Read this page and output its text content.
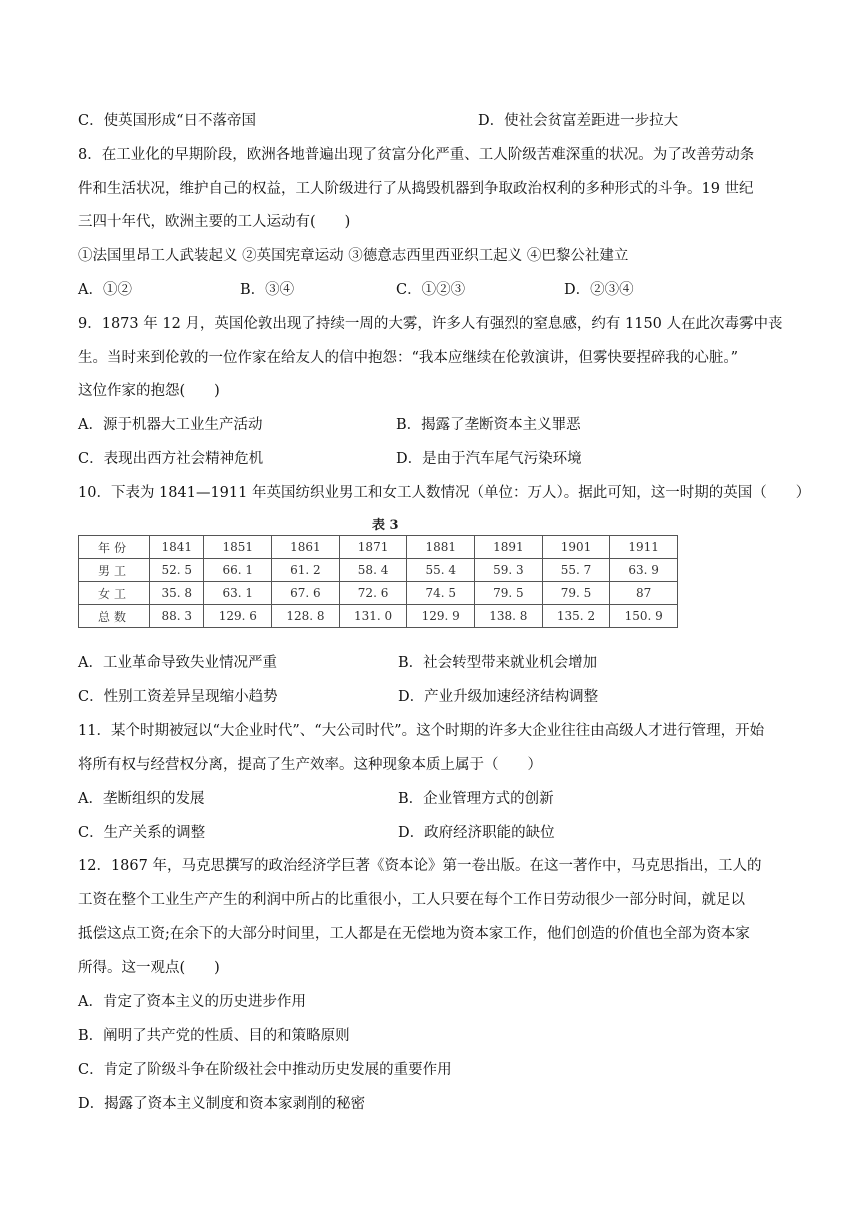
C．使英国形成“日不落帝国	D．使社会贫富差距进一步拉大
8．在工业化的早期阶段，欧洲各地普遍出现了贫富分化严重、工人阶级苦难深重的状况。为了改善劳动条
件和生活状况，维护自己的权益，工人阶级进行了从捣毁机器到争取政治权利的多种形式的斗争。19 世纪
三四十年代，欧洲主要的工人运动有(　　)
①法国里昂工人武装起义 ②英国宪章运动 ③德意志西里西亚织工起义 ④巴黎公社建立
A．①②	B．③④	C．①②③	D．②③④
9．1873 年 12 月，英国伦敦出现了持续一周的大雾，许多人有强烈的窒息感，约有 1150 人在此次毒雾中丧
生。当时来到伦敦的一位作家在给友人的信中抱怨：“我本应继续在伦敦演讲，但雾快要捏碎我的心脏。”
这位作家的抱怨(　　)
A．源于机器大工业生产活动	B．揭露了垄断资本主义罪恶
C．表现出西方社会精神危机	D．是由于汽车尾气污染环境
10．下表为 1841—1911 年英国纺织业男工和女工人数情况（单位：万人）。据此可知，这一时期的英国（　　）
表 3
年份	1841	1851	1861	1871	1881	1891	1901	1911
男工	52. 5	66. 1	61. 2	58. 4	55. 4	59. 3	55. 7	63. 9
女工	35. 8	63. 1	67. 6	72. 6	74. 5	79. 5	79. 5	87
总数	88. 3	129. 6	128. 8	131. 0	129. 9	138. 8	135. 2	150. 9
A．工业革命导致失业情况严重	B．社会转型带来就业机会增加
C．性别工资差异呈现缩小趋势	D．产业升级加速经济结构调整
11．某个时期被冠以“大企业时代”、“大公司时代”。这个时期的许多大企业往往由高级人才进行管理，开始
将所有权与经营权分离，提高了生产效率。这种现象本质上属于（　　）
A．垄断组织的发展	B．企业管理方式的创新
C．生产关系的调整	D．政府经济职能的缺位
12．1867 年，马克思撰写的政治经济学巨著《资本论》第一卷出版。在这一著作中，马克思指出，工人的
工资在整个工业生产产生的利润中所占的比重很小，工人只要在每个工作日劳动很少一部分时间，就足以
抵偿这点工资;在余下的大部分时间里，工人都是在无偿地为资本家工作，他们创造的价值也全部为资本家
所得。这一观点(　　)
A．肯定了资本主义的历史进步作用
B．阐明了共产党的性质、目的和策略原则
C．肯定了阶级斗争在阶级社会中推动历史发展的重要作用
D．揭露了资本主义制度和资本家剥削的秘密
